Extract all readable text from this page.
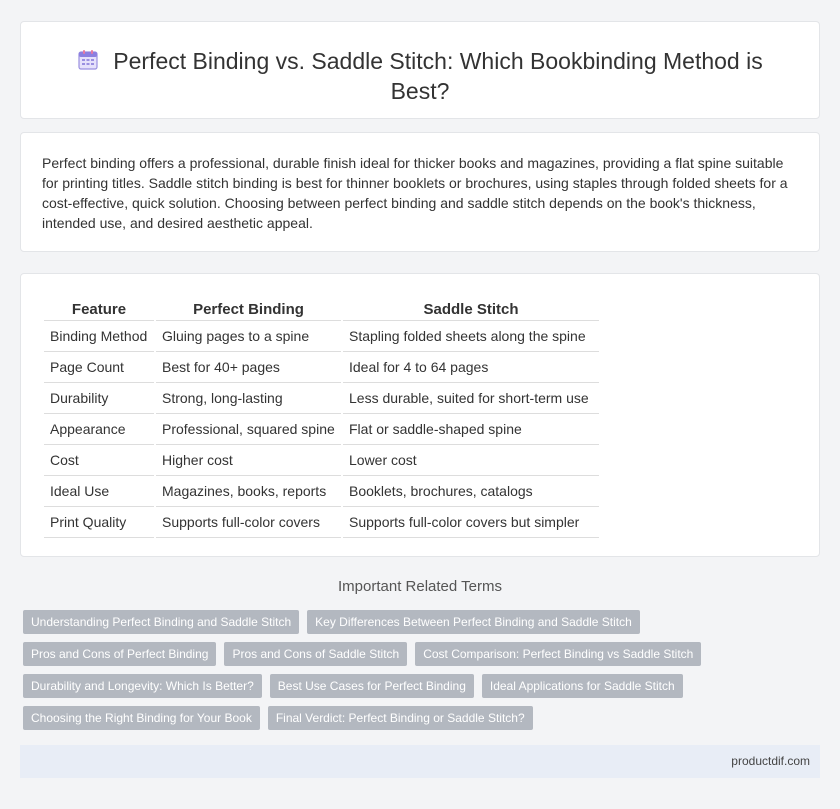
Perfect Binding vs. Saddle Stitch: Which Bookbinding Method is Best?

Perfect binding offers a professional, durable finish ideal for thicker books and magazines, providing a flat spine suitable for printing titles. Saddle stitch binding is best for thinner booklets or brochures, using staples through folded sheets for a cost-effective, quick solution. Choosing between perfect binding and saddle stitch depends on the book's thickness, intended use, and desired aesthetic appeal.

Feature	Perfect Binding	Saddle Stitch
Binding Method	Gluing pages to a spine	Stapling folded sheets along the spine
Page Count	Best for 40+ pages	Ideal for 4 to 64 pages
Durability	Strong, long-lasting	Less durable, suited for short-term use
Appearance	Professional, squared spine	Flat or saddle-shaped spine
Cost	Higher cost	Lower cost
Ideal Use	Magazines, books, reports	Booklets, brochures, catalogs
Print Quality	Supports full-color covers	Supports full-color covers but simpler
Important Related Terms
Understanding Perfect Binding and Saddle Stitch	Key Differences Between Perfect Binding and Saddle Stitch
Pros and Cons of Perfect Binding	Pros and Cons of Saddle Stitch	Cost Comparison: Perfect Binding vs Saddle Stitch
Durability and Longevity: Which Is Better?	Best Use Cases for Perfect Binding	Ideal Applications for Saddle Stitch
Choosing the Right Binding for Your Book	Final Verdict: Perfect Binding or Saddle Stitch?
productdif.com
